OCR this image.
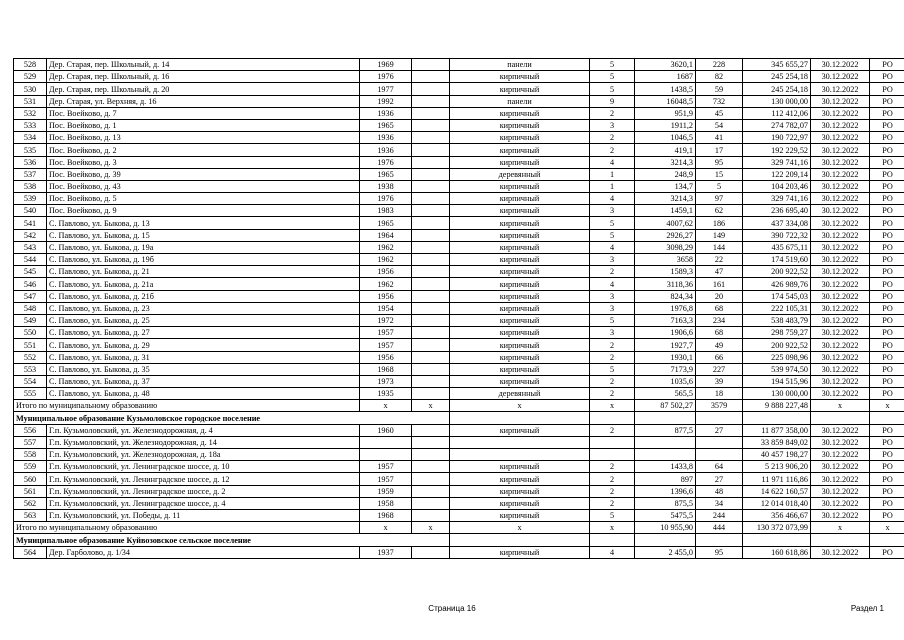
528	Дер. Старая, пер. Школьный, д. 14	1969		панели	5	3620,1	228	345 655,27	30.12.2022	РО
529	Дер. Старая, пер. Школьный, д. 16	1976		кирпичный	5	1687	82	245 254,18	30.12.2022	РО
530	Дер. Старая, пер. Школьный, д. 20	1977		кирпичный	5	1438,5	59	245 254,18	30.12.2022	РО
531	Дер. Старая, ул. Верхняя, д. 16	1992		панели	9	16048,5	732	130 000,00	30.12.2022	РО
532	Пос. Воейково, д. 7	1936		кирпичный	2	951,9	45	112 412,06	30.12.2022	РО
533	Пос. Воейково, д. 1	1965		кирпичный	3	1911,2	54	274 782,07	30.12.2022	РО
534	Пос. Воейково, д. 13	1936		кирпичный	2	1046,5	41	190 722,97	30.12.2022	РО
535	Пос. Воейково, д. 2	1936		кирпичный	2	419,1	17	192 229,52	30.12.2022	РО
536	Пос. Воейково, д. 3	1976		кирпичный	4	3214,3	95	329 741,16	30.12.2022	РО
537	Пос. Воейково, д. 39	1965		деревянный	1	248,9	15	122 209,14	30.12.2022	РО
538	Пос. Воейково, д. 43	1938		кирпичный	1	134,7	5	104 203,46	30.12.2022	РО
539	Пос. Воейково, д. 5	1976		кирпичный	4	3214,3	97	329 741,16	30.12.2022	РО
540	Пос. Воейково, д. 9	1983		кирпичный	3	1459,1	62	236 695,40	30.12.2022	РО
541	С. Павлово, ул. Быкова, д. 13	1965		кирпичный	5	4007,62	186	437 334,08	30.12.2022	РО
542	С. Павлово, ул. Быкова, д. 15	1964		кирпичный	5	2926,27	149	390 722,32	30.12.2022	РО
543	С. Павлово, ул. Быкова, д. 19а	1962		кирпичный	4	3098,29	144	435 675,11	30.12.2022	РО
544	С. Павлово, ул. Быкова, д. 19б	1962		кирпичный	3	3658	22	174 519,60	30.12.2022	РО
545	С. Павлово, ул. Быкова, д. 21	1956		кирпичный	2	1589,3	47	200 922,52	30.12.2022	РО
546	С. Павлово, ул. Быкова, д. 21а	1962		кирпичный	4	3118,36	161	426 989,76	30.12.2022	РО
547	С. Павлово, ул. Быкова, д. 21б	1956		кирпичный	3	824,34	20	174 545,03	30.12.2022	РО
548	С. Павлово, ул. Быкова, д. 23	1954		кирпичный	3	1976,8	68	222 105,31	30.12.2022	РО
549	С. Павлово, ул. Быкова, д. 25	1972		кирпичный	5	7163,3	234	538 483,79	30.12.2022	РО
550	С. Павлово, ул. Быкова, д. 27	1957		кирпичный	3	1906,6	68	298 759,27	30.12.2022	РО
551	С. Павлово, ул. Быкова, д. 29	1957		кирпичный	2	1927,7	49	200 922,52	30.12.2022	РО
552	С. Павлово, ул. Быкова, д. 31	1956		кирпичный	2	1930,1	66	225 098,96	30.12.2022	РО
553	С. Павлово, ул. Быкова, д. 35	1968		кирпичный	5	7173,9	227	539 974,50	30.12.2022	РО
554	С. Павлово, ул. Быкова, д. 37	1973		кирпичный	2	1035,6	39	194 515,96	30.12.2022	РО
555	С. Павлово, ул. Быкова, д. 48	1935		деревянный	2	565,5	18	130 000,00	30.12.2022	РО
Итого по муниципальному образованию		x	x	x	x	87 502,27	3579	9 888 227,48	x	x
Муниципальное образование Кузьмоловское городское поселение										
556	Г.п. Кузьмоловский, ул. Железнодорожная, д. 4	1960		кирпичный	2	877,5	27	11 877 358,00	30.12.2022	РО
557	Г.п. Кузьмоловский, ул. Железнодорожная, д. 14							33 859 849,02	30.12.2022	РО
558	Г.п. Кузьмоловский, ул. Железнодорожная, д. 18а							40 457 198,27	30.12.2022	РО
559	Г.п. Кузьмоловский, ул. Ленинградское шоссе, д. 10	1957		кирпичный	2	1433,8	64	5 213 906,20	30.12.2022	РО
560	Г.п. Кузьмоловский, ул. Ленинградское шоссе, д. 12	1957		кирпичный	2	897	27	11 971 116,86	30.12.2022	РО
561	Г.п. Кузьмоловский, ул. Ленинградское шоссе, д. 2	1959		кирпичный	2	1396,6	48	14 622 160,57	30.12.2022	РО
562	Г.п. Кузьмоловский, ул. Ленинградское шоссе, д. 4	1958		кирпичный	2	875,5	34	12 014 018,40	30.12.2022	РО
563	Г.п. Кузьмоловский, ул. Победы, д. 11	1968		кирпичный	5	5475,5	244	356 466,67	30.12.2022	РО
Итого по муниципальному образованию		x	x	x	x	10 955,90	444	130 372 073,99	x	x
Муниципальное образование Куйвозовское сельское поселение										
564	Дер. Гарболово, д. 1/34	1937		кирпичный	4	2 455,0	95	160 618,86	30.12.2022	РО
Страница 16	Раздел 1
